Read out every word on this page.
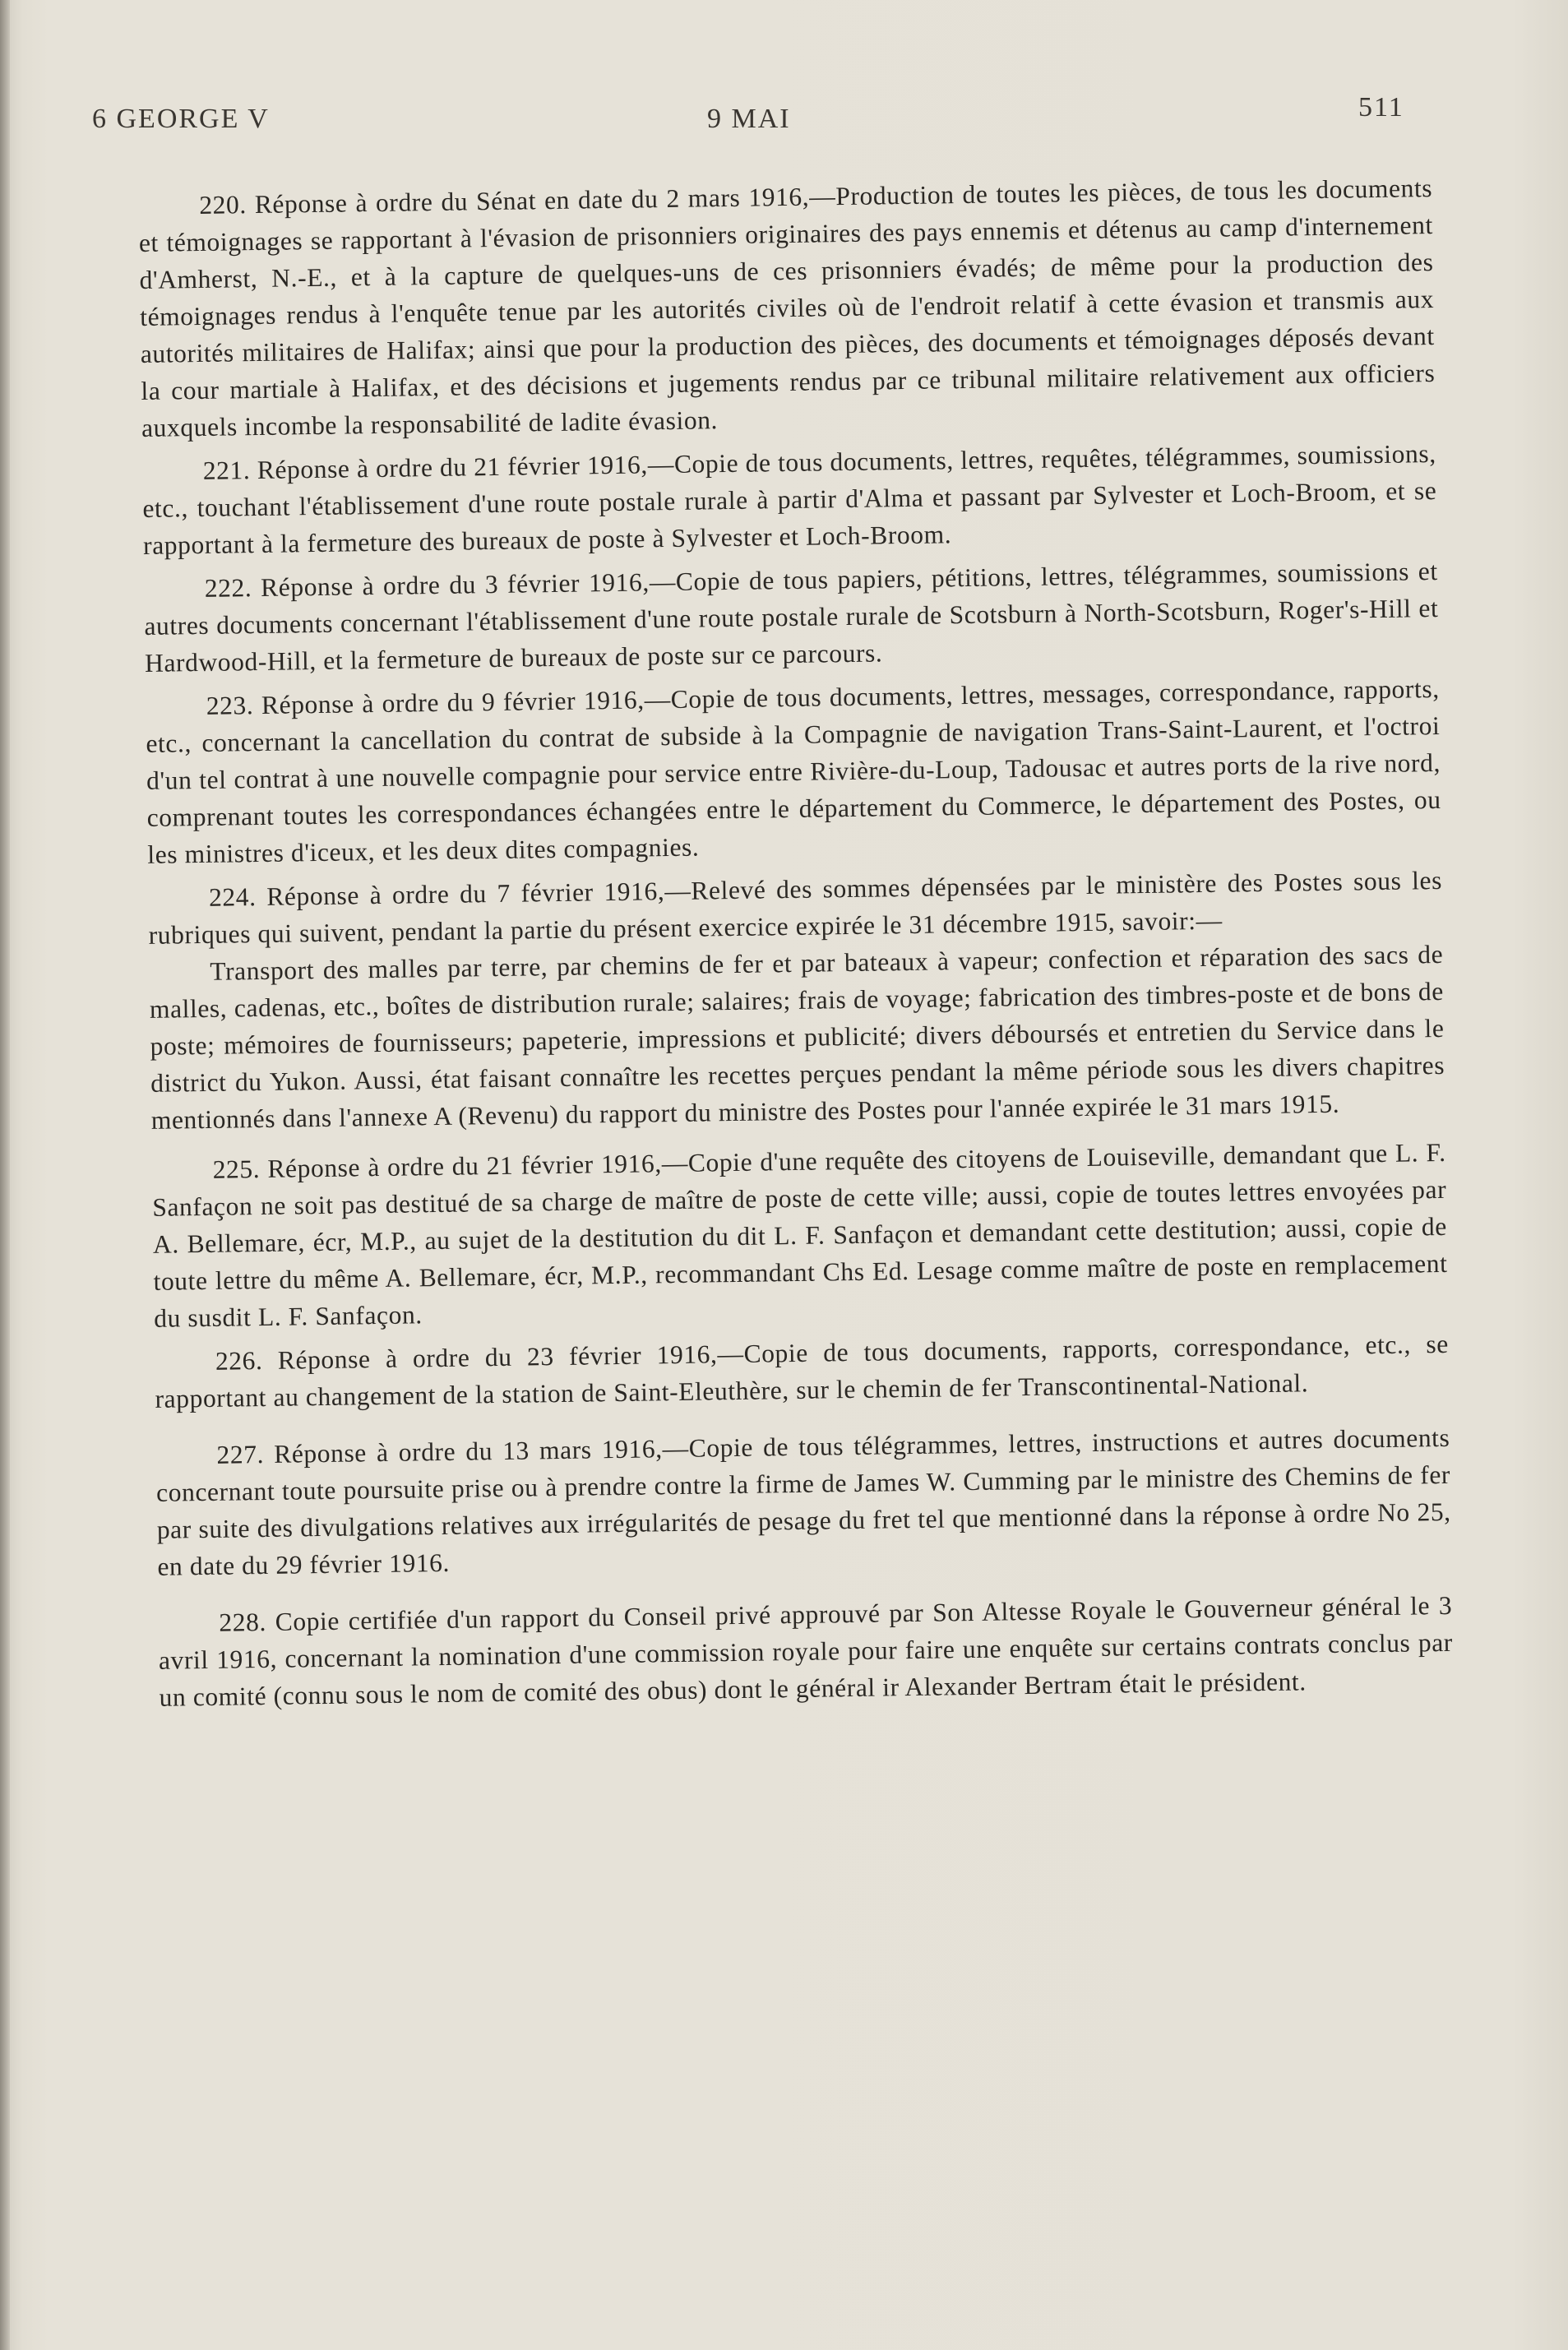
6 GEORGE V	9 MAI	511

220. Réponse à ordre du Sénat en date du 2 mars 1916,—Production de toutes les pièces, de tous les documents et témoignages se rapportant à l'évasion de prisonniers originaires des pays ennemis et détenus au camp d'internement d'Amherst, N.-E., et à la capture de quelques-uns de ces prisonniers évadés; de même pour la production des témoignages rendus à l'enquête tenue par les autorités civiles où de l'endroit relatif à cette évasion et transmis aux autorités militaires de Halifax; ainsi que pour la production des pièces, des documents et témoignages déposés devant la cour martiale à Halifax, et des décisions et jugements rendus par ce tribunal militaire relativement aux officiers auxquels incombe la responsabilité de ladite évasion.

221. Réponse à ordre du 21 février 1916,—Copie de tous documents, lettres, requêtes, télégrammes, soumissions, etc., touchant l'établissement d'une route postale rurale à partir d'Alma et passant par Sylvester et Loch-Broom, et se rapportant à la fermeture des bureaux de poste à Sylvester et Loch-Broom.

222. Réponse à ordre du 3 février 1916,—Copie de tous papiers, pétitions, lettres, télégrammes, soumissions et autres documents concernant l'établissement d'une route postale rurale de Scotsburn à North-Scotsburn, Roger's-Hill et Hardwood-Hill, et la fermeture de bureaux de poste sur ce parcours.

223. Réponse à ordre du 9 février 1916,—Copie de tous documents, lettres, messages, correspondance, rapports, etc., concernant la cancellation du contrat de subside à la Compagnie de navigation Trans-Saint-Laurent, et l'octroi d'un tel contrat à une nouvelle compagnie pour service entre Rivière-du-Loup, Tadousac et autres ports de la rive nord, comprenant toutes les correspondances échangées entre le département du Commerce, le département des Postes, ou les ministres d'iceux, et les deux dites compagnies.

224. Réponse à ordre du 7 février 1916,—Relevé des sommes dépensées par le ministère des Postes sous les rubriques qui suivent, pendant la partie du présent exercice expirée le 31 décembre 1915, savoir:—

Transport des malles par terre, par chemins de fer et par bateaux à vapeur; confection et réparation des sacs de malles, cadenas, etc., boîtes de distribution rurale; salaires; frais de voyage; fabrication des timbres-poste et de bons de poste; mémoires de fournisseurs; papeterie, impressions et publicité; divers déboursés et entretien du Service dans le district du Yukon. Aussi, état faisant connaître les recettes perçues pendant la même période sous les divers chapitres mentionnés dans l'annexe A (Revenu) du rapport du ministre des Postes pour l'année expirée le 31 mars 1915.

225. Réponse à ordre du 21 février 1916,—Copie d'une requête des citoyens de Louiseville, demandant que L. F. Sanfaçon ne soit pas destitué de sa charge de maître de poste de cette ville; aussi, copie de toutes lettres envoyées par A. Bellemare, écr, M.P., au sujet de la destitution du dit L. F. Sanfaçon et demandant cette destitution; aussi, copie de toute lettre du même A. Bellemare, écr, M.P., recommandant Chs Ed. Lesage comme maître de poste en remplacement du susdit L. F. Sanfaçon.

226. Réponse à ordre du 23 février 1916,—Copie de tous documents, rapports, correspondance, etc., se rapportant au changement de la station de Saint-Eleuthère, sur le chemin de fer Transcontinental-National.

227. Réponse à ordre du 13 mars 1916,—Copie de tous télégrammes, lettres, instructions et autres documents concernant toute poursuite prise ou à prendre contre la firme de James W. Cumming par le ministre des Chemins de fer par suite des divulgations relatives aux irrégularités de pesage du fret tel que mentionné dans la réponse à ordre No 25, en date du 29 février 1916.

228. Copie certifiée d'un rapport du Conseil privé approuvé par Son Altesse Royale le Gouverneur général le 3 avril 1916, concernant la nomination d'une commission royale pour faire une enquête sur certains contrats conclus par un comité (connu sous le nom de comité des obus) dont le général ir Alexander Bertram était le président.
